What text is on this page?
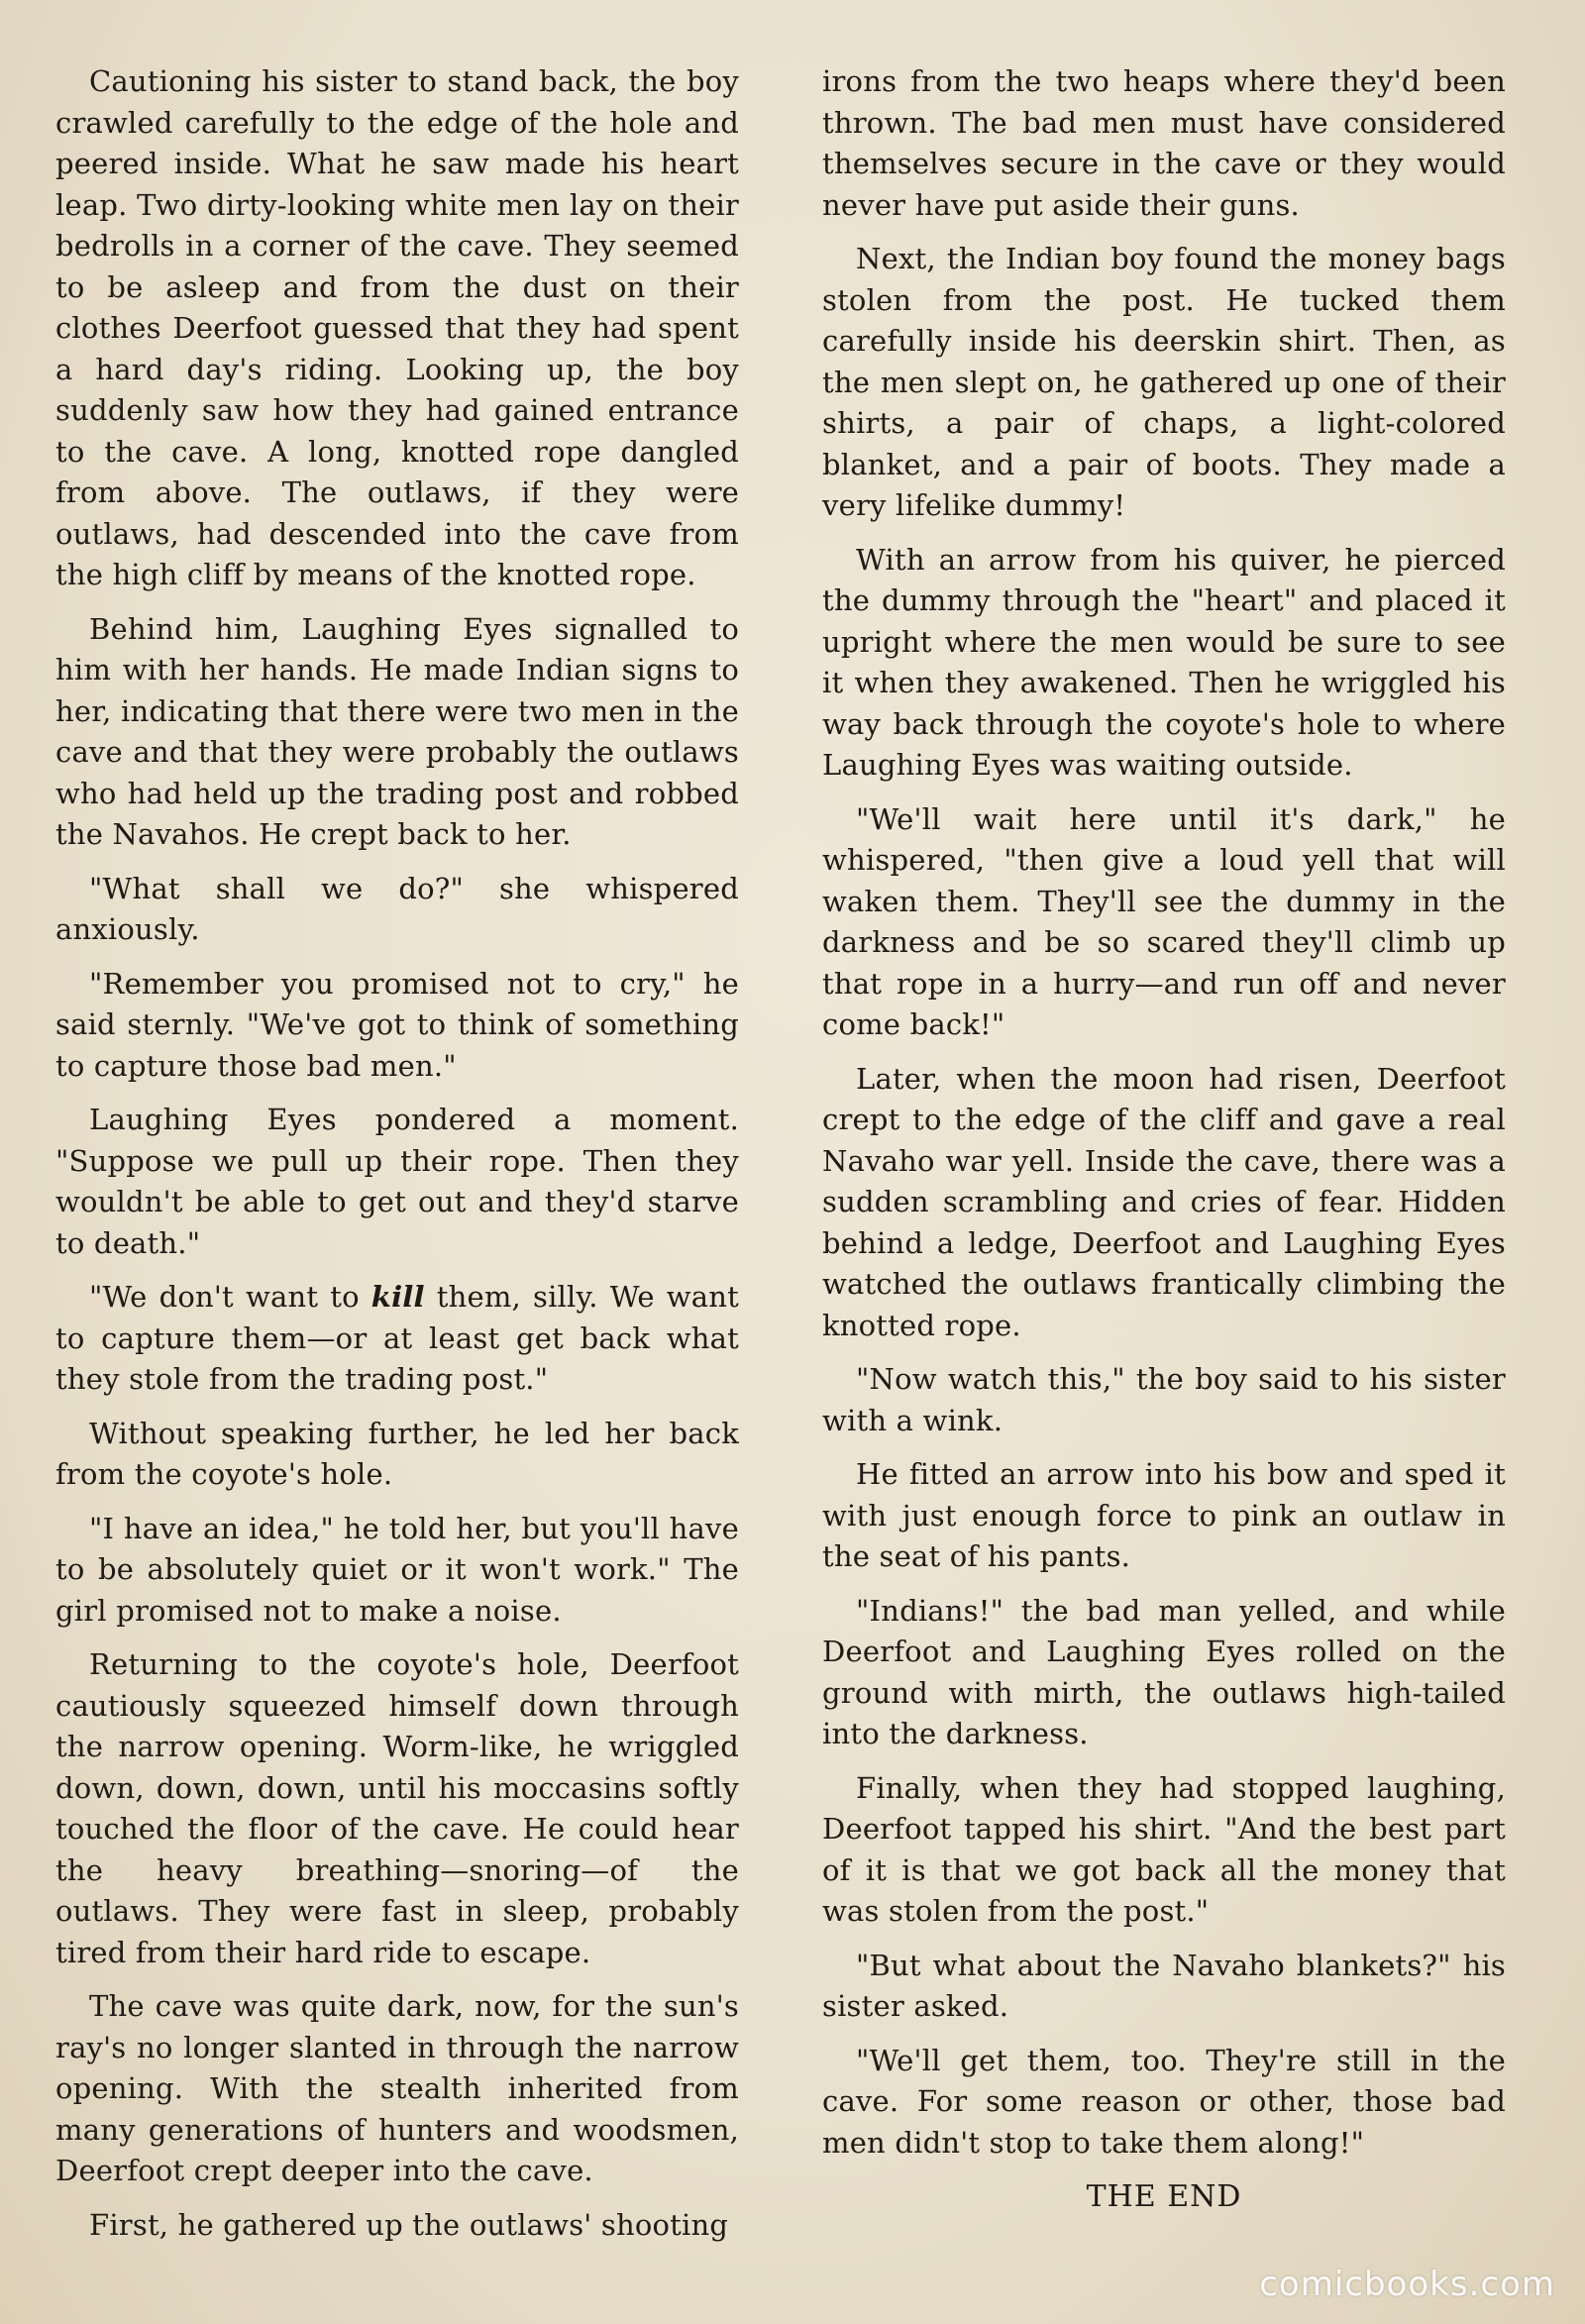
Cautioning his sister to stand back, the boy crawled carefully to the edge of the hole and peered inside. What he saw made his heart leap. Two dirty-looking white men lay on their bedrolls in a corner of the cave. They seemed to be asleep and from the dust on their clothes Deerfoot guessed that they had spent a hard day's riding. Looking up, the boy suddenly saw how they had gained entrance to the cave. A long, knotted rope dangled from above. The outlaws, if they were outlaws, had descended into the cave from the high cliff by means of the knotted rope.

Behind him, Laughing Eyes signalled to him with her hands. He made Indian signs to her, indicating that there were two men in the cave and that they were probably the outlaws who had held up the trading post and robbed the Navahos. He crept back to her.

"What shall we do?" she whispered anxiously.

"Remember you promised not to cry," he said sternly. "We've got to think of something to capture those bad men."

Laughing Eyes pondered a moment. "Suppose we pull up their rope. Then they wouldn't be able to get out and they'd starve to death."

"We don't want to kill them, silly. We want to capture them—or at least get back what they stole from the trading post."

Without speaking further, he led her back from the coyote's hole.

"I have an idea," he told her, but you'll have to be absolutely quiet or it won't work." The girl promised not to make a noise.

Returning to the coyote's hole, Deerfoot cautiously squeezed himself down through the narrow opening. Worm-like, he wriggled down, down, down, until his moccasins softly touched the floor of the cave. He could hear the heavy breathing—snoring—of the outlaws. They were fast in sleep, probably tired from their hard ride to escape.

The cave was quite dark, now, for the sun's ray's no longer slanted in through the narrow opening. With the stealth inherited from many generations of hunters and woodsmen, Deerfoot crept deeper into the cave.

First, he gathered up the outlaws' shooting

irons from the two heaps where they'd been thrown. The bad men must have considered themselves secure in the cave or they would never have put aside their guns.

Next, the Indian boy found the money bags stolen from the post. He tucked them carefully inside his deerskin shirt. Then, as the men slept on, he gathered up one of their shirts, a pair of chaps, a light-colored blanket, and a pair of boots. They made a very lifelike dummy!

With an arrow from his quiver, he pierced the dummy through the "heart" and placed it upright where the men would be sure to see it when they awakened. Then he wriggled his way back through the coyote's hole to where Laughing Eyes was waiting outside.

"We'll wait here until it's dark," he whispered, "then give a loud yell that will waken them. They'll see the dummy in the darkness and be so scared they'll climb up that rope in a hurry—and run off and never come back!"

Later, when the moon had risen, Deerfoot crept to the edge of the cliff and gave a real Navaho war yell. Inside the cave, there was a sudden scrambling and cries of fear. Hidden behind a ledge, Deerfoot and Laughing Eyes watched the outlaws frantically climbing the knotted rope.

"Now watch this," the boy said to his sister with a wink.

He fitted an arrow into his bow and sped it with just enough force to pink an outlaw in the seat of his pants.

"Indians!" the bad man yelled, and while Deerfoot and Laughing Eyes rolled on the ground with mirth, the outlaws high-tailed into the darkness.

Finally, when they had stopped laughing, Deerfoot tapped his shirt. "And the best part of it is that we got back all the money that was stolen from the post."

"But what about the Navaho blankets?" his sister asked.

"We'll get them, too. They're still in the cave. For some reason or other, those bad men didn't stop to take them along!"

THE END
comicbooks.com
